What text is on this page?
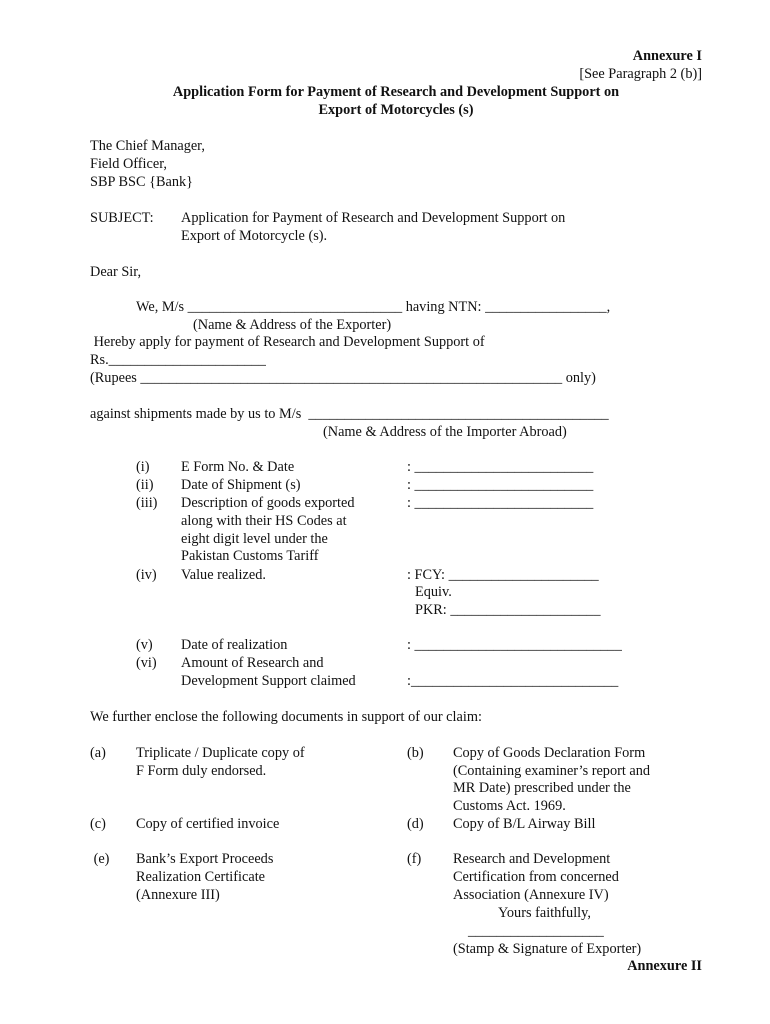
Annexure I
[See Paragraph 2 (b)]
Application Form for Payment of Research and Development Support on
Export of Motorcycles (s)
The Chief Manager,
Field Officer,
SBP BSC {Bank}
SUBJECT: Application for Payment of Research and Development Support on
Export of Motorcycle (s).
Dear Sir,
We, M/s ______________________________ having NTN: _________________,
(Name & Address of the Exporter)
Hereby apply for payment of Research and Development Support of
Rs.______________________
(Rupees ___________________________________________________________ only)
against shipments made by us to M/s  __________________________________________
(Name & Address of the Importer Abroad)
(i) E Form No. & Date	: _________________________
(ii) Date of Shipment (s)	: _________________________
(iii) Description of goods exported	: _________________________
along with their HS Codes at
eight digit level under the
Pakistan Customs Tariff
(iv) Value realized.	: FCY: _____________________
Equiv.
PKR: _____________________
(v) Date of realization	: _____________________________
(vi) Amount of Research and
Development Support claimed	:_____________________________
We further enclose the following documents in support of our claim:
(a) Triplicate / Duplicate copy of
F Form duly endorsed.
(b) Copy of Goods Declaration Form
(Containing examiner’s report and
MR Date) prescribed under the
Customs Act. 1969.
(c) Copy of certified invoice	(d) Copy of B/L Airway Bill
(e) Bank’s Export Proceeds
Realization Certificate
(Annexure III)
(f) Research and Development
Certification from concerned
Association (Annexure IV)
Yours faithfully,
___________________
(Stamp & Signature of Exporter)
Annexure II
